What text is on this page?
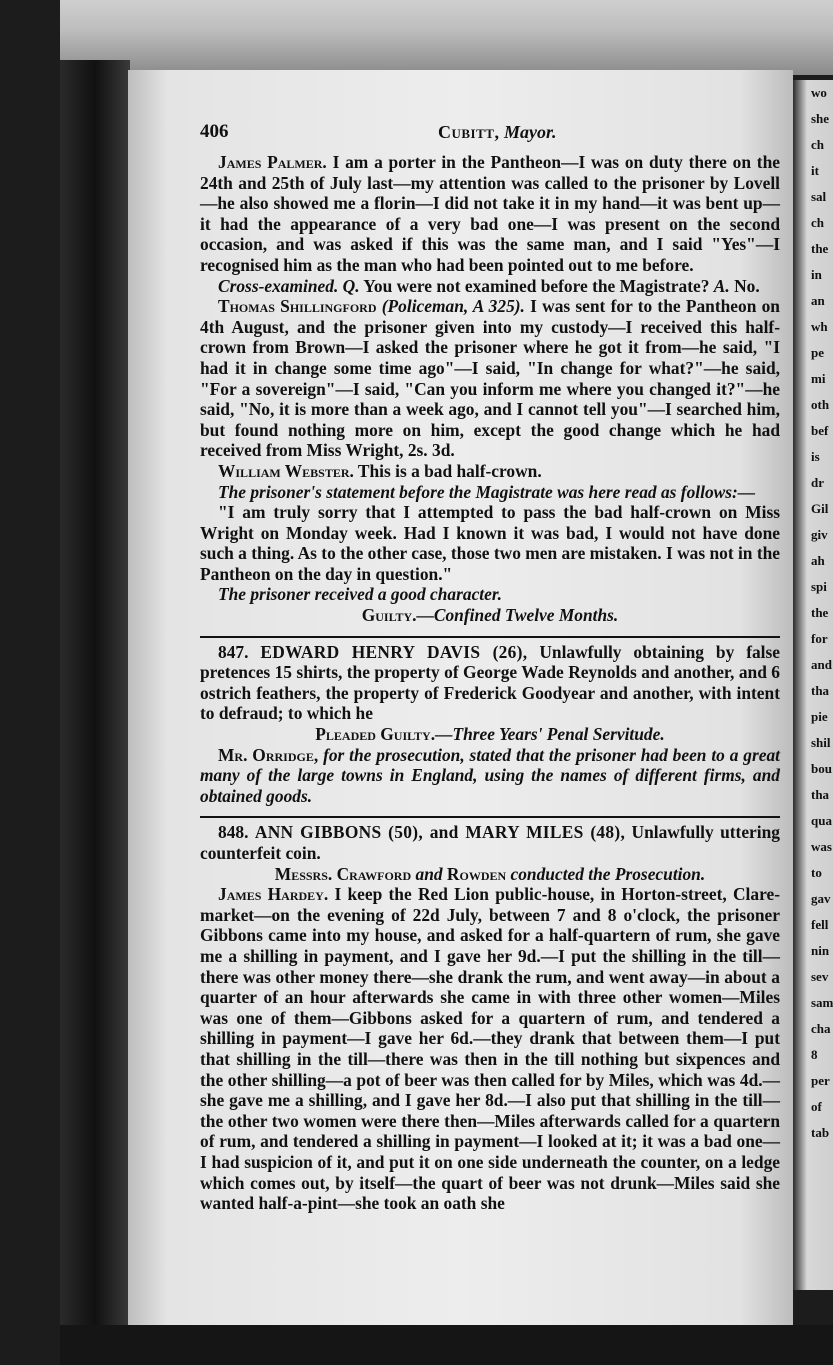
wo
she
ch
it
sal
ch
the
in
an
wh
pe
mi
oth
bef
is
dr
Gil
giv
ah
spi
the
for
and
tha
pie
shil
bou
tha
qua
was
to
gav
fell
nin
sev
sam
cha
8
per
of
tab
406	Cubitt, Mayor.

James Palmer. I am a porter in the Pantheon—I was on duty there on the 24th and 25th of July last—my attention was called to the prisoner by Lovell—he also showed me a florin—I did not take it in my hand—it was bent up—it had the appearance of a very bad one—I was present on the second occasion, and was asked if this was the same man, and I said "Yes"—I recognised him as the man who had been pointed out to me before.

Cross-examined. Q. You were not examined before the Magistrate? A. No.

Thomas Shillingford (Policeman, A 325). I was sent for to the Pantheon on 4th August, and the prisoner given into my custody—I received this half-crown from Brown—I asked the prisoner where he got it from—he said, "I had it in change some time ago"—I said, "In change for what?"—he said, "For a sovereign"—I said, "Can you inform me where you changed it?"—he said, "No, it is more than a week ago, and I cannot tell you"—I searched him, but found nothing more on him, except the good change which he had received from Miss Wright, 2s. 3d.

William Webster. This is a bad half-crown.

The prisoner's statement before the Magistrate was here read as follows:—

"I am truly sorry that I attempted to pass the bad half-crown on Miss Wright on Monday week. Had I known it was bad, I would not have done such a thing. As to the other case, those two men are mistaken. I was not in the Pantheon on the day in question."

The prisoner received a good character.

Guilty.—Confined Twelve Months.

847. EDWARD HENRY DAVIS (26), Unlawfully obtaining by false pretences 15 shirts, the property of George Wade Reynolds and another, and 6 ostrich feathers, the property of Frederick Goodyear and another, with intent to defraud; to which he

Pleaded Guilty.—Three Years' Penal Servitude.

Mr. Orridge, for the prosecution, stated that the prisoner had been to a great many of the large towns in England, using the names of different firms, and obtained goods.

848. ANN GIBBONS (50), and MARY MILES (48), Unlawfully uttering counterfeit coin.

Messrs. Crawford and Rowden conducted the Prosecution.

James Hardey. I keep the Red Lion public-house, in Horton-street, Clare-market—on the evening of 22d July, between 7 and 8 o'clock, the prisoner Gibbons came into my house, and asked for a half-quartern of rum, she gave me a shilling in payment, and I gave her 9d.—I put the shilling in the till—there was other money there—she drank the rum, and went away—in about a quarter of an hour afterwards she came in with three other women—Miles was one of them—Gibbons asked for a quartern of rum, and tendered a shilling in payment—I gave her 6d.—they drank that between them—I put that shilling in the till—there was then in the till nothing but sixpences and the other shilling—a pot of beer was then called for by Miles, which was 4d.—she gave me a shilling, and I gave her 8d.—I also put that shilling in the till—the other two women were there then—Miles afterwards called for a quartern of rum, and tendered a shilling in payment—I looked at it; it was a bad one—I had suspicion of it, and put it on one side underneath the counter, on a ledge which comes out, by itself—the quart of beer was not drunk—Miles said she wanted half-a-pint—she took an oath she
